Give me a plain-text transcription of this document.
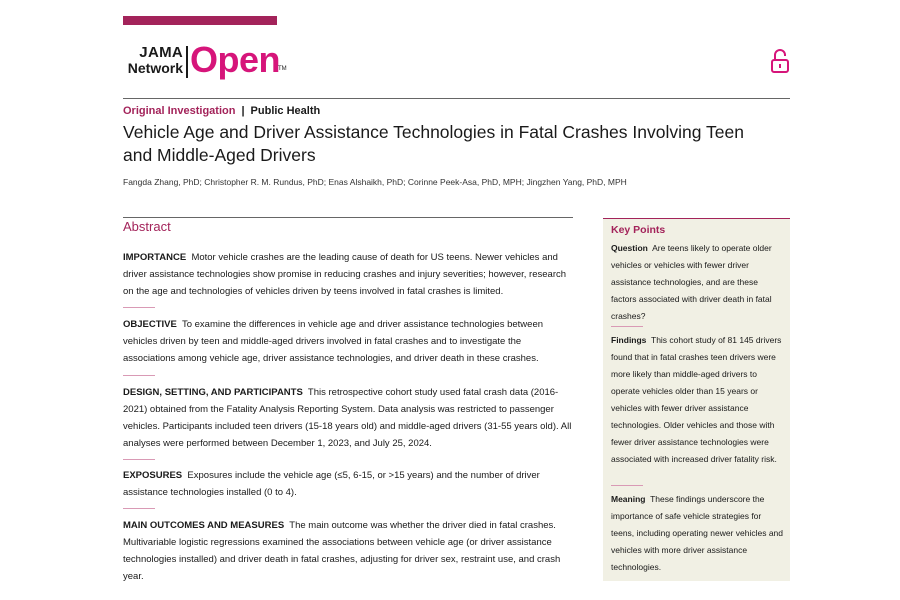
JAMA
Network Open
TM
Original Investigation | Public Health
Vehicle Age and Driver Assistance Technologies in Fatal Crashes Involving Teen and Middle-Aged Drivers
Fangda Zhang, PhD; Christopher R. M. Rundus, PhD; Enas Alshaikh, PhD; Corinne Peek-Asa, PhD, MPH; Jingzhen Yang, PhD, MPH
Abstract
IMPORTANCE Motor vehicle crashes are the leading cause of death for US teens. Newer vehicles and driver assistance technologies show promise in reducing crashes and injury severities; however, research on the age and technologies of vehicles driven by teens involved in fatal crashes is limited.
OBJECTIVE To examine the differences in vehicle age and driver assistance technologies between vehicles driven by teen and middle-aged drivers involved in fatal crashes and to investigate the associations among vehicle age, driver assistance technologies, and driver death in these crashes.
DESIGN, SETTING, AND PARTICIPANTS This retrospective cohort study used fatal crash data (2016-2021) obtained from the Fatality Analysis Reporting System. Data analysis was restricted to passenger vehicles. Participants included teen drivers (15-18 years old) and middle-aged drivers (31-55 years old). All analyses were performed between December 1, 2023, and July 25, 2024.
EXPOSURES Exposures include the vehicle age (≤5, 6-15, or >15 years) and the number of driver assistance technologies installed (0 to 4).
MAIN OUTCOMES AND MEASURES The main outcome was whether the driver died in fatal crashes. Multivariable logistic regressions examined the associations between vehicle age (or driver assistance technologies installed) and driver death in fatal crashes, adjusting for driver sex, restraint use, and crash year.
Key Points
Question Are teens likely to operate older vehicles or vehicles with fewer driver assistance technologies, and are these factors associated with driver death in fatal crashes?
Findings This cohort study of 81 145 drivers found that in fatal crashes teen drivers were more likely than middle-aged drivers to operate vehicles older than 15 years or vehicles with fewer driver assistance technologies. Older vehicles and those with fewer driver assistance technologies were associated with increased driver fatality risk.
Meaning These findings underscore the importance of safe vehicle strategies for teens, including operating newer vehicles and vehicles with more driver assistance technologies.
